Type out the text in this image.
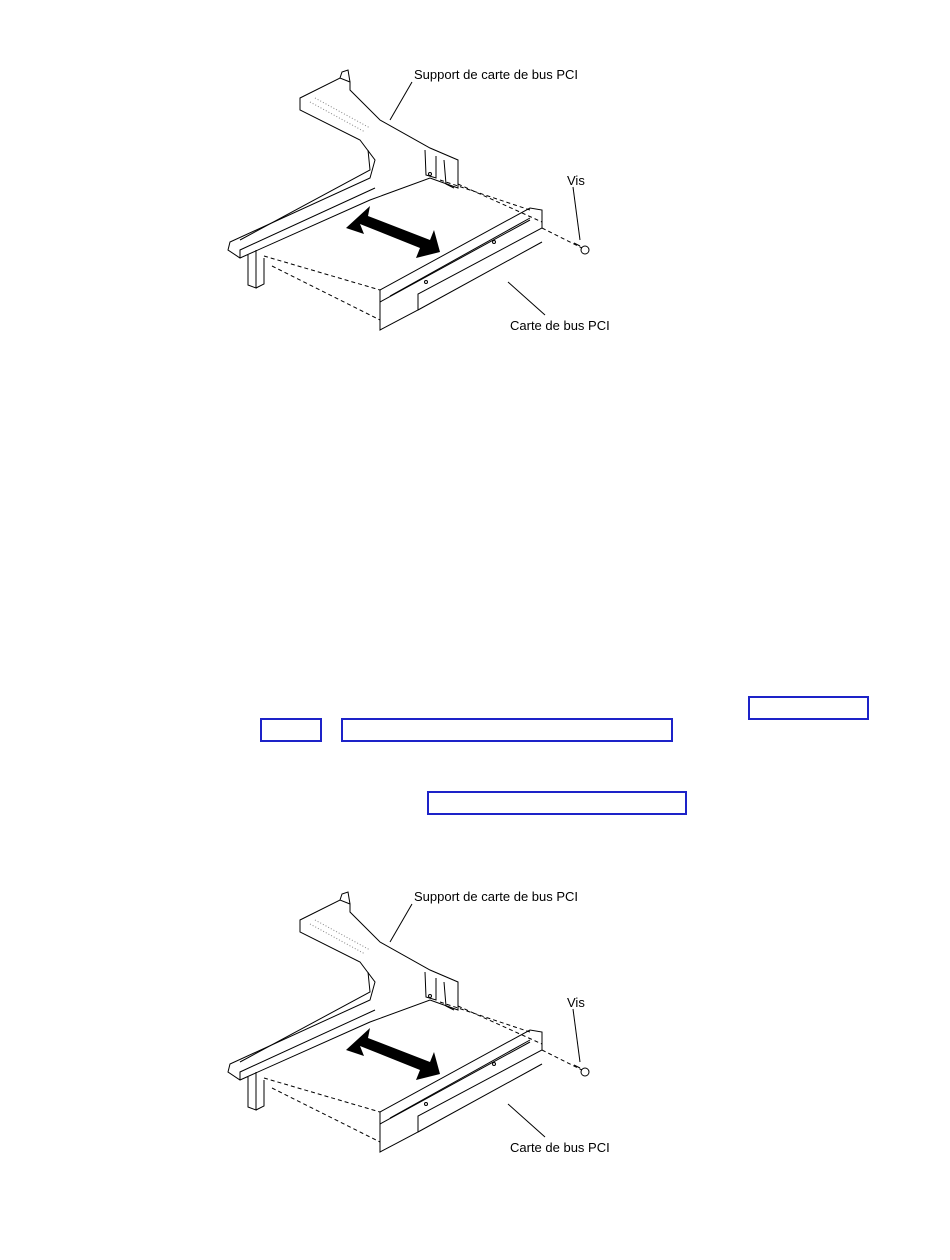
Support de carte de bus PCI
Vis
Carte de bus PCI
Support de carte de bus PCI
Vis
Carte de bus PCI
